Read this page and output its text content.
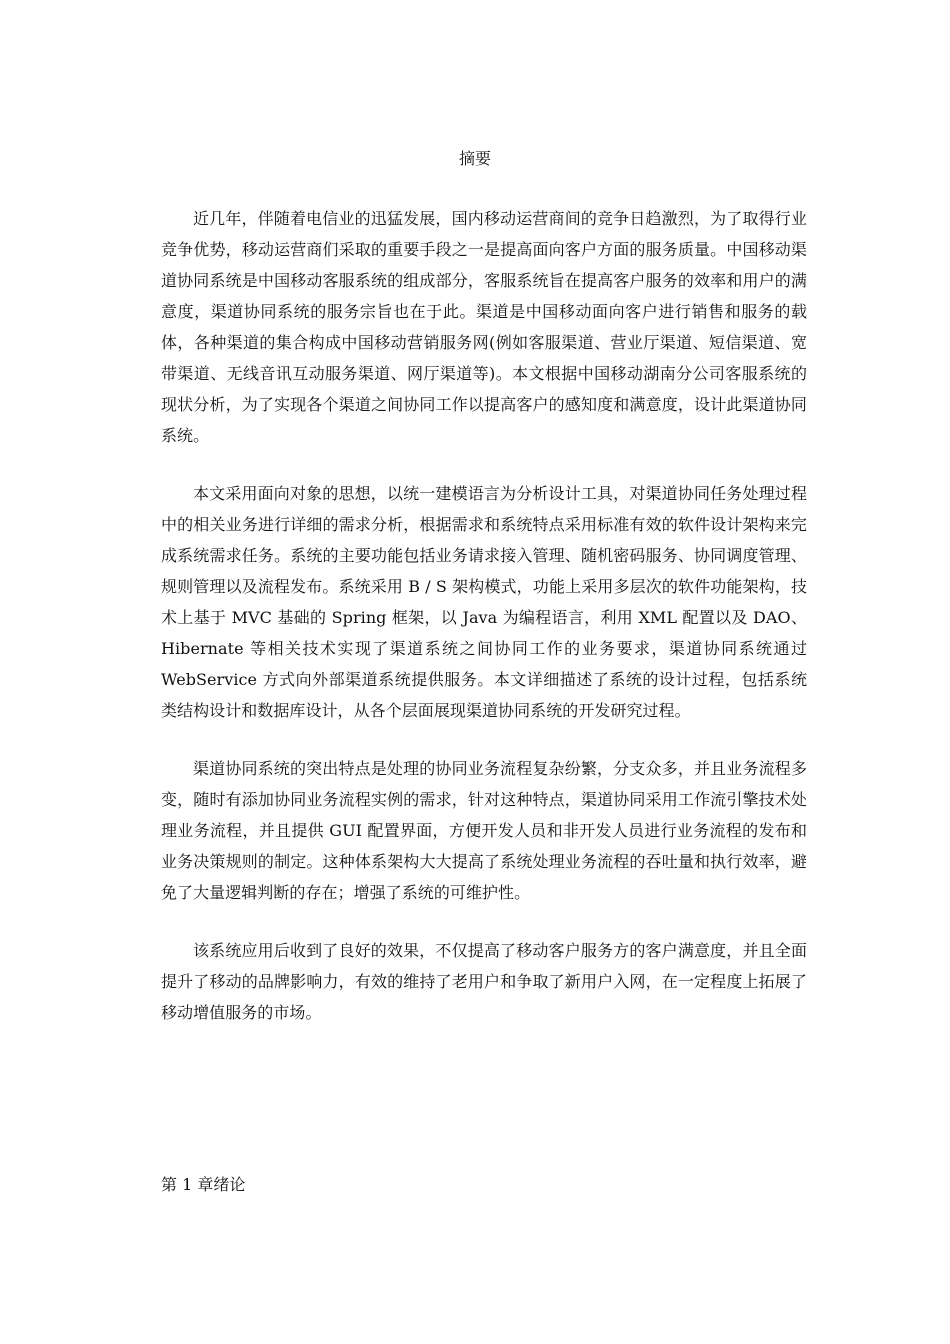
摘要

近几年，伴随着电信业的迅猛发展，国内移动运营商间的竞争日趋激烈，为了取得行业竞争优势，移动运营商们采取的重要手段之一是提高面向客户方面的服务质量。中国移动渠道协同系统是中国移动客服系统的组成部分，客服系统旨在提高客户服务的效率和用户的满意度，渠道协同系统的服务宗旨也在于此。渠道是中国移动面向客户进行销售和服务的载体，各种渠道的集合构成中国移动营销服务网(例如客服渠道、营业厅渠道、短信渠道、宽带渠道、无线音讯互动服务渠道、网厅渠道等)。本文根据中国移动湖南分公司客服系统的现状分析，为了实现各个渠道之间协同工作以提高客户的感知度和满意度，设计此渠道协同系统。

本文采用面向对象的思想，以统一建模语言为分析设计工具，对渠道协同任务处理过程中的相关业务进行详细的需求分析，根据需求和系统特点采用标准有效的软件设计架构来完成系统需求任务。系统的主要功能包括业务请求接入管理、随机密码服务、协同调度管理、规则管理以及流程发布。系统采用 B / S 架构模式，功能上采用多层次的软件功能架构，技术上基于 MVC 基础的 Spring 框架，以 Java 为编程语言，利用 XML 配置以及 DAO、Hibernate 等相关技术实现了渠道系统之间协同工作的业务要求，渠道协同系统通过 WebService 方式向外部渠道系统提供服务。本文详细描述了系统的设计过程，包括系统类结构设计和数据库设计，从各个层面展现渠道协同系统的开发研究过程。

渠道协同系统的突出特点是处理的协同业务流程复杂纷繁，分支众多，并且业务流程多变，随时有添加协同业务流程实例的需求，针对这种特点，渠道协同采用工作流引擎技术处理业务流程，并且提供 GUI 配置界面，方便开发人员和非开发人员进行业务流程的发布和业务决策规则的制定。这种体系架构大大提高了系统处理业务流程的吞吐量和执行效率，避免了大量逻辑判断的存在；增强了系统的可维护性。

该系统应用后收到了良好的效果，不仅提高了移动客户服务方的客户满意度，并且全面提升了移动的品牌影响力，有效的维持了老用户和争取了新用户入网，在一定程度上拓展了移动增值服务的市场。

第 1 章绪论
